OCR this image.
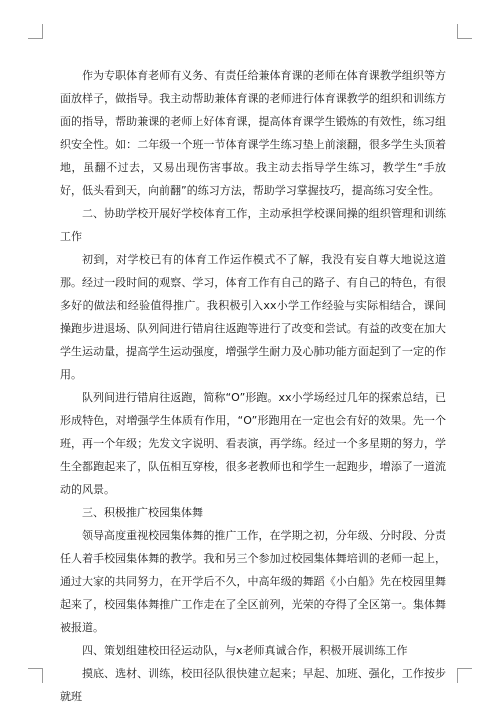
作为专职体育老师有义务、有责任给兼体育课的老师在体育课教学组织等方面放样子，做指导。我主动帮助兼体育课的老师进行体育课教学的组织和训练方面的指导，帮助兼课的老师上好体育课，提高体育课学生锻炼的有效性，练习组织安全性。如：二年级一个班一节体育课学生练习垫上前滚翻，很多学生头顶着地，虽翻不过去，又易出现伤害事故。我主动去指导学生练习，教学生“手放好，低头看到天，向前翻”的练习方法，帮助学习掌握技巧，提高练习安全性。

二、协助学校开展好学校体育工作，主动承担学校课间操的组织管理和训练工作

初到，对学校已有的体育工作运作模式不了解，我没有妄自尊大地说这道那。经过一段时间的观察、学习，体育工作有自己的路子、有自己的特色，有很多好的做法和经验值得推广。我积极引入xx小学工作经验与实际相结合，课间操跑步进退场、队列间进行错肩往返跑等进行了改变和尝试。有益的改变在加大学生运动量，提高学生运动强度，增强学生耐力及心肺功能方面起到了一定的作用。

队列间进行错肩往返跑，简称“O”形跑。xx小学场经过几年的探索总结，已形成特色，对增强学生体质有作用，“O”形跑用在一定也会有好的效果。先一个班，再一个年级；先发文字说明、看表演，再学练。经过一个多星期的努力，学生全都跑起来了，队伍相互穿梭，很多老教师也和学生一起跑步，增添了一道流动的风景。

三、积极推广校园集体舞

领导高度重视校园集体舞的推广工作，在学期之初，分年级、分时段、分责任人着手校园集体舞的教学。我和另三个参加过校园集体舞培训的老师一起上，通过大家的共同努力，在开学后不久，中高年级的舞蹈《小白船》先在校园里舞起来了，校园集体舞推广工作走在了全区前列，光荣的夺得了全区第一。集体舞被报道。

四、策划组建校田径运动队，与x老师真诚合作，积极开展训练工作

摸底、选材、训练，校田径队很快建立起来；早起、加班、强化，工作按步就班
